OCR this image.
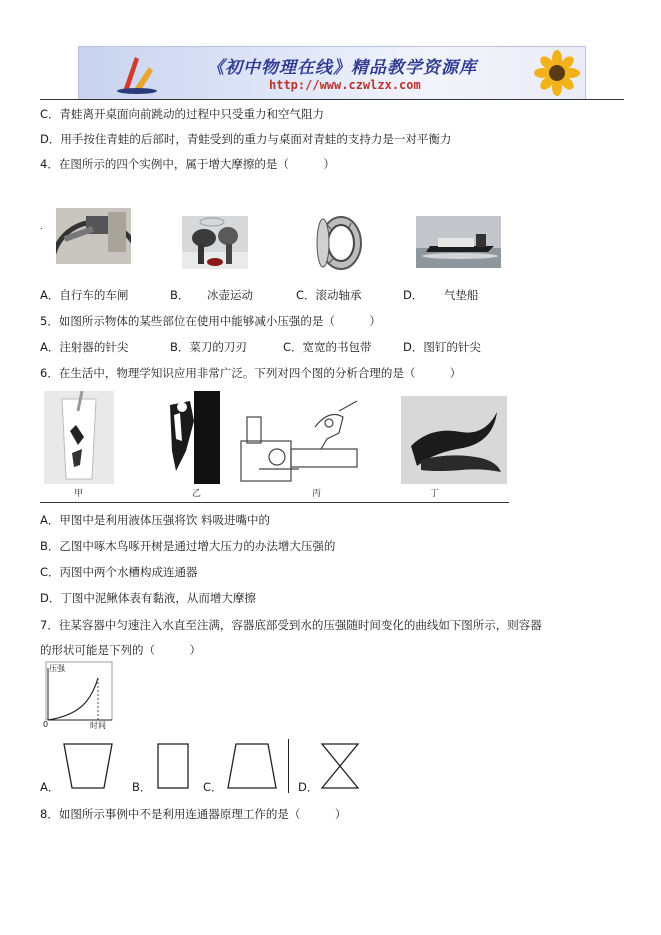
《初中物理在线》精品教学资源库
http://www.czwlzx.com
C．青蛙离开桌面向前跳动的过程中只受重力和空气阻力
D．用手按住青蛙的后部时，青蛙受到的重力与桌面对青蛙的支持力是一对平衡力
4．在图所示的四个实例中，属于增大摩擦的是（　　　）
.
A．自行车的车闸	B． 冰壶运动	C．滚动轴承	D． 气垫船
5．如图所示物体的某些部位在使用中能够减小压强的是（　　　）
A．注射器的针尖	B．菜刀的刀刃	C．宽宽的书包带	D．图钉的针尖
6．在生活中，物理学知识应用非常广泛。下列对四个图的分析合理的是（　　　）
甲	乙	丙	丁
A．甲图中是利用液体压强将饮 料吸进嘴中的
B．乙图中啄木鸟啄开树是通过增大压力的办法增大压强的
C．丙图中两个水槽构成连通器
D．丁图中泥鳅体表有黏液，从而增大摩擦
7．往某容器中匀速注入水直至注满，容器底部受到水的压强随时间变化的曲线如下图所示，则容器
的形状可能是下列的（　　　）
压强
时间
0
A．	B．	C．	D．
8．如图所示事例中不是利用连通器原理工作的是（　　　）
